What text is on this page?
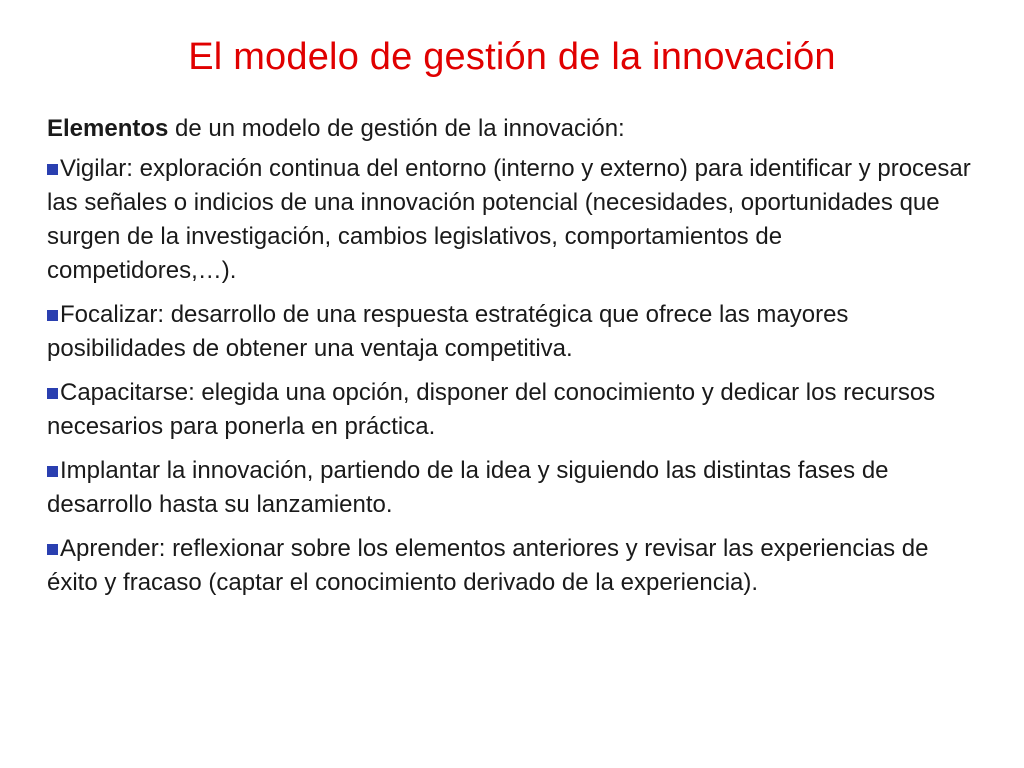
El modelo de gestión de la innovación

Elementos de un modelo de gestión de la innovación:

Vigilar: exploración continua del entorno (interno y externo) para identificar y procesar las señales o indicios de una innovación potencial (necesidades, oportunidades que surgen de la investigación, cambios legislativos, comportamientos de competidores,…).

Focalizar: desarrollo de una respuesta estratégica que ofrece las mayores posibilidades de obtener una ventaja competitiva.

Capacitarse: elegida una opción, disponer del conocimiento y dedicar los recursos necesarios para ponerla en práctica.

Implantar la innovación, partiendo de la idea y siguiendo las distintas fases de desarrollo hasta su lanzamiento.

Aprender: reflexionar sobre los elementos anteriores y revisar las experiencias de éxito y fracaso (captar el conocimiento derivado de la experiencia).
